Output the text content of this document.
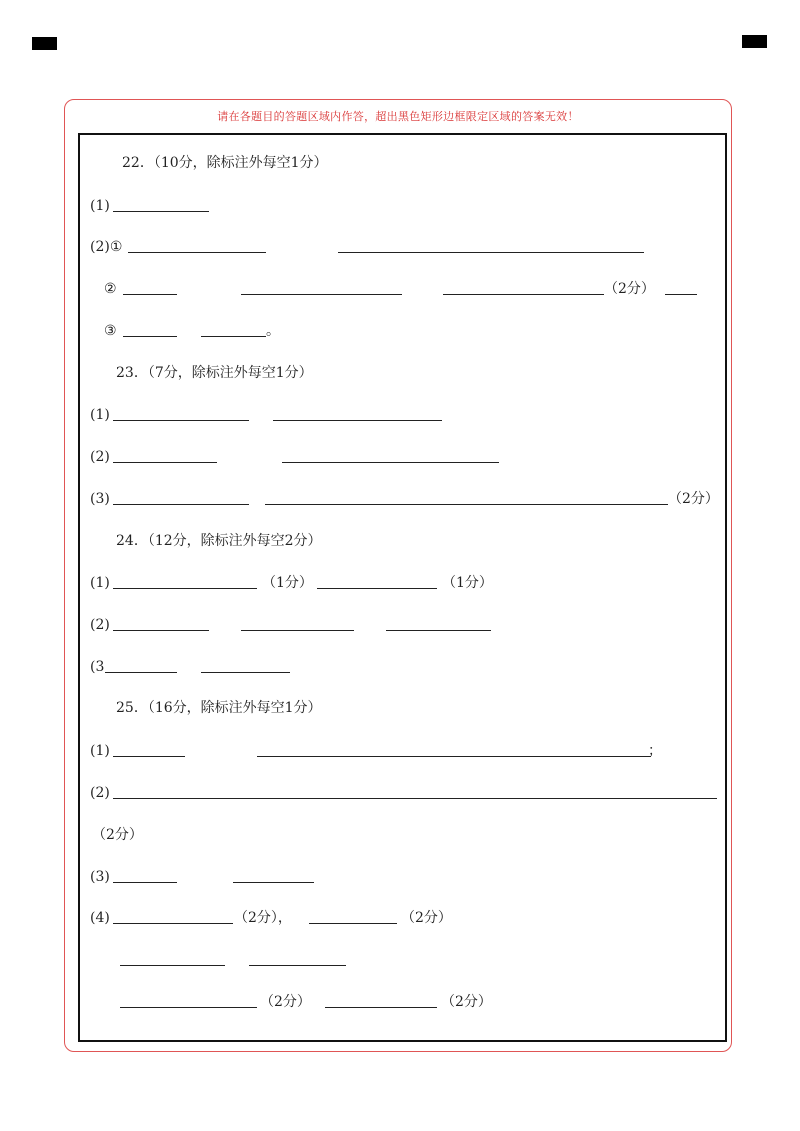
请在各题目的答题区域内作答，超出黑色矩形边框限定区域的答案无效！
22．（10分，除标注外每空1分）
(1)
(2)①
②	（2分）
③	。
23．（7分，除标注外每空1分）
(1)
(2)
(3)	（2分）
24．（12分，除标注外每空2分）
(1)	（1分）	（1分）
(2)
(3
25．（16分，除标注外每空1分）
(1)	；
(2)
（2分）
(3)
(4)	（2分），	（2分）
（2分）	（2分）
